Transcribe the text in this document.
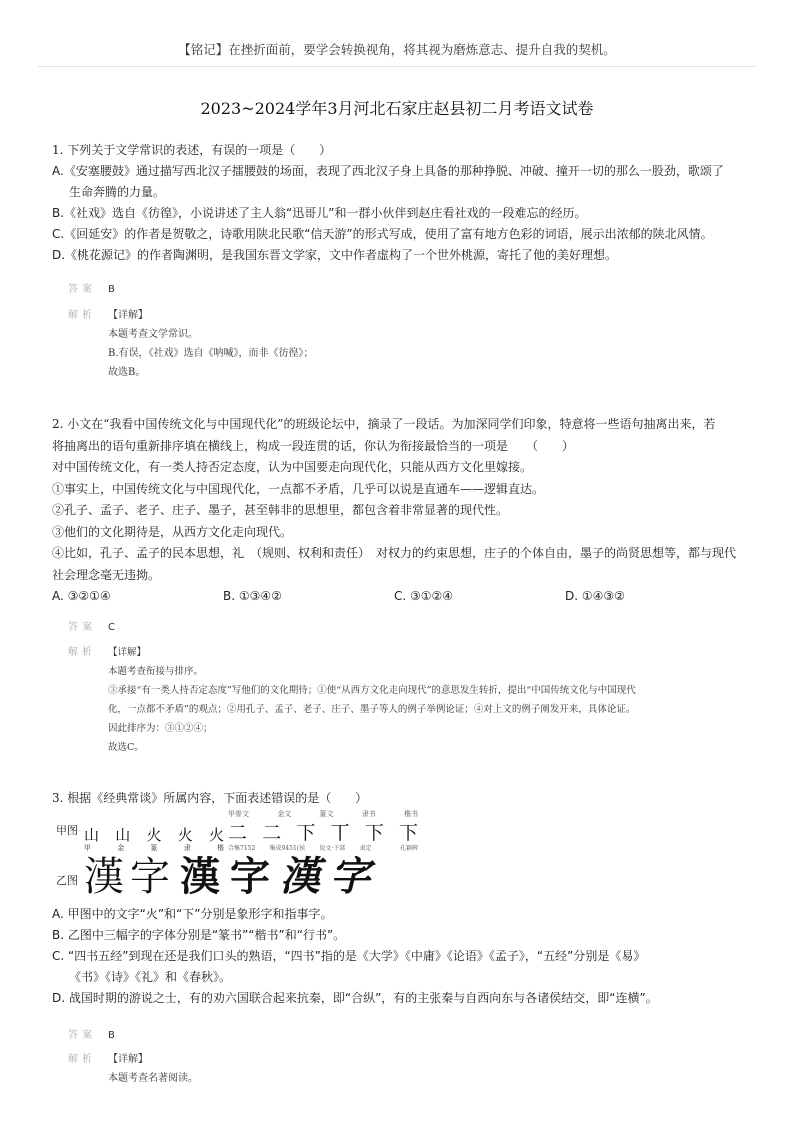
【铭记】在挫折面前，要学会转换视角，将其视为磨炼意志、提升自我的契机。
2023~2024学年3月河北石家庄赵县初二月考语文试卷

1. 下列关于文学常识的表述，有误的一项是（　　）

A.《安塞腰鼓》通过描写西北汉子擂腰鼓的场面，表现了西北汉子身上具备的那种挣脱、冲破、撞开一切的那么一股劲，歌颂了
生命奔腾的力量。
B.《社戏》选自《彷徨》，小说讲述了主人翁“迅哥儿”和一群小伙伴到赵庄看社戏的一段难忘的经历。
C.《回延安》的作者是贺敬之，诗歌用陕北民歌“信天游”的形式写成，使用了富有地方色彩的词语，展示出浓郁的陕北风情。
D.《桃花源记》的作者陶渊明，是我国东晋文学家，文中作者虚构了一个世外桃源，寄托了他的美好理想。
答案 B
解析 【详解】
本题考查文学常识。
B.有误，《社戏》选自《呐喊》，而非《彷徨》；
故选B。
2. 小文在“我看中国传统文化与中国现代化”的班级论坛中，摘录了一段话。为加深同学们印象，特意将一些语句抽离出来，若
将抽离出的语句重新排序填在横线上，构成一段连贯的话，你认为衔接最恰当的一项是　　（　　）
对中国传统文化，有一类人持否定态度，认为中国要走向现代化，只能从西方文化里嫁接。
①事实上，中国传统文化与中国现代化，一点都不矛盾，几乎可以说是直通车——逻辑直达。
②孔子、孟子、老子、庄子、墨子，甚至韩非的思想里，都包含着非常显著的现代性。
③他们的文化期待是，从西方文化走向现代。
④比如，孔子、孟子的民本思想，礼　（规则、权利和责任）　对权力的约束思想，庄子的个体自由，墨子的尚贤思想等，都与现代
社会理念毫无违拗。
A. ③②①④	B. ①③④②	C. ③①②④	D. ①④③②
答案 C
解析 【详解】
本题考查衔接与排序。
③承接“有一类人持否定态度”写他们的文化期待；①使“从西方文化走向现代”的意思发生转折，提出“中国传统文化与中国现代
化，一点都不矛盾”的观点；②用孔子、孟子、老子、庄子、墨子等人的例子举例论证；④对上文的例子阐发开来，具体论证。
因此排序为：③①②④；
故选C。
3. 根据《经典常谈》所属内容，下面表述错误的是（　　）
甲图
乙图
山 山 火 火 火
甲	金	篆	隶	楷
甲骨文	金文	篆文	隶书	楷书
二 二 下 丅 下 下
合集7152 集成9451(侯 说文·下部 隶定	孔颖碑
漢 字 漢 字 漢 字
A. 甲图中的文字“火”和“下”分别是象形字和指事字。
B. 乙图中三幅字的字体分别是“篆书”“楷书”和“行书”。
C. “四书五经”到现在还是我们口头的熟语，“四书”指的是《大学》《中庸》《论语》《孟子》，“五经”分别是《易》
《书》《诗》《礼》和《春秋》。
D. 战国时期的游说之士，有的劝六国联合起来抗秦，即“合纵”，有的主张秦与自西向东与各诸侯结交，即“连横”。
答案 B
解析 【详解】
本题考查名著阅读。
